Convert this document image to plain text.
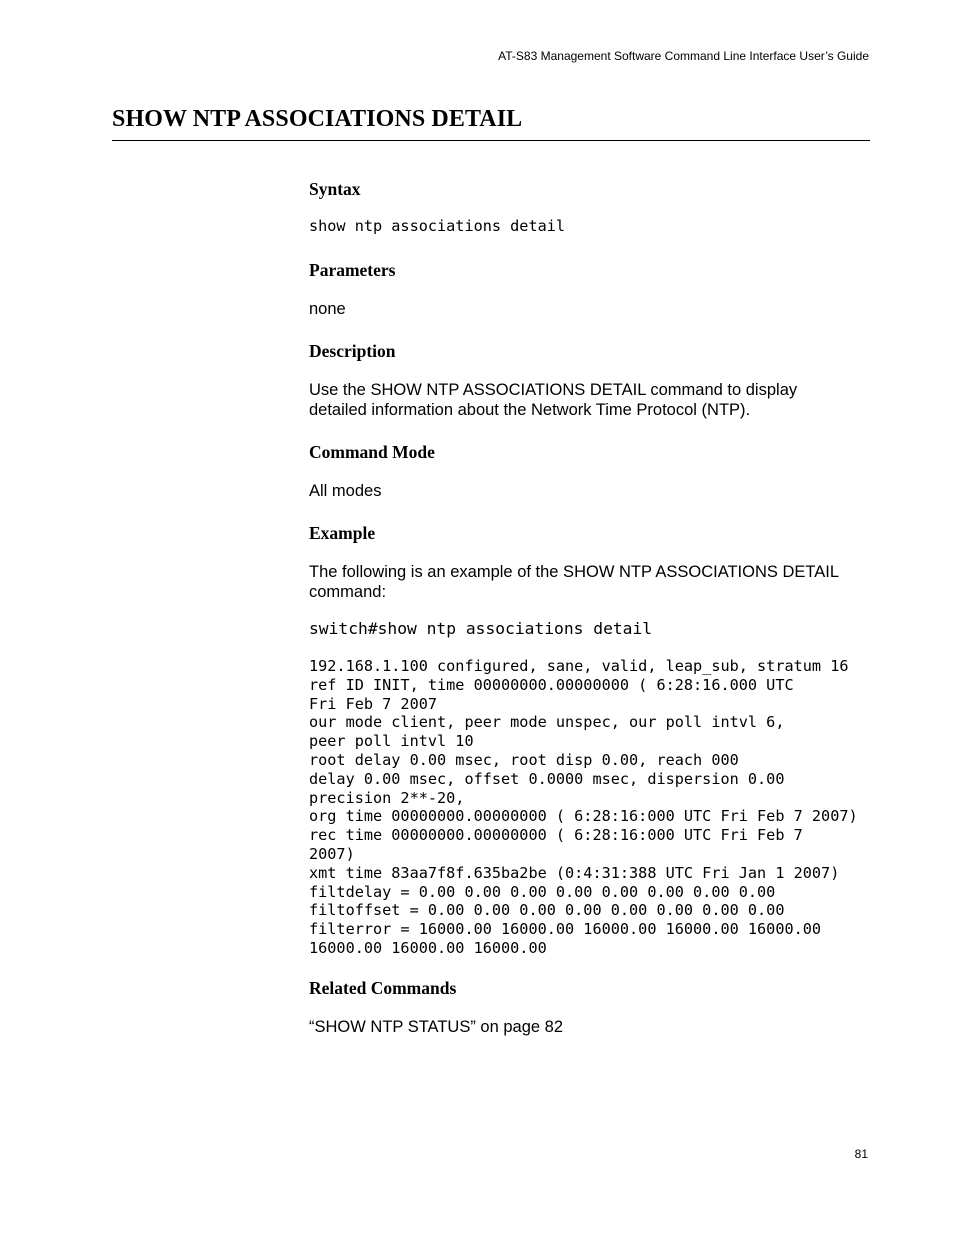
AT-S83 Management Software Command Line Interface User’s Guide
SHOW NTP ASSOCIATIONS DETAIL
Syntax
show ntp associations detail
Parameters

none

Description

Use the SHOW NTP ASSOCIATIONS DETAIL command to display detailed information about the Network Time Protocol (NTP).

Command Mode

All modes

Example

The following is an example of the SHOW NTP ASSOCIATIONS DETAIL command:

switch#show ntp associations detail
192.168.1.100 configured, sane, valid, leap_sub, stratum 16
ref ID INIT, time 00000000.00000000 ( 6:28:16.000 UTC
Fri Feb 7 2007
our mode client, peer mode unspec, our poll intvl 6,
peer poll intvl 10
root delay 0.00 msec, root disp 0.00, reach 000
delay 0.00 msec, offset 0.0000 msec, dispersion 0.00
precision 2**-20,
org time 00000000.00000000 ( 6:28:16:000 UTC Fri Feb 7 2007)
rec time 00000000.00000000 ( 6:28:16:000 UTC Fri Feb 7
2007)
xmt time 83aa7f8f.635ba2be (0:4:31:388 UTC Fri Jan 1 2007)
filtdelay = 0.00 0.00 0.00 0.00 0.00 0.00 0.00 0.00
filtoffset = 0.00 0.00 0.00 0.00 0.00 0.00 0.00 0.00
filterror = 16000.00 16000.00 16000.00 16000.00 16000.00
16000.00 16000.00 16000.00
Related Commands

“SHOW NTP STATUS” on page 82

81
